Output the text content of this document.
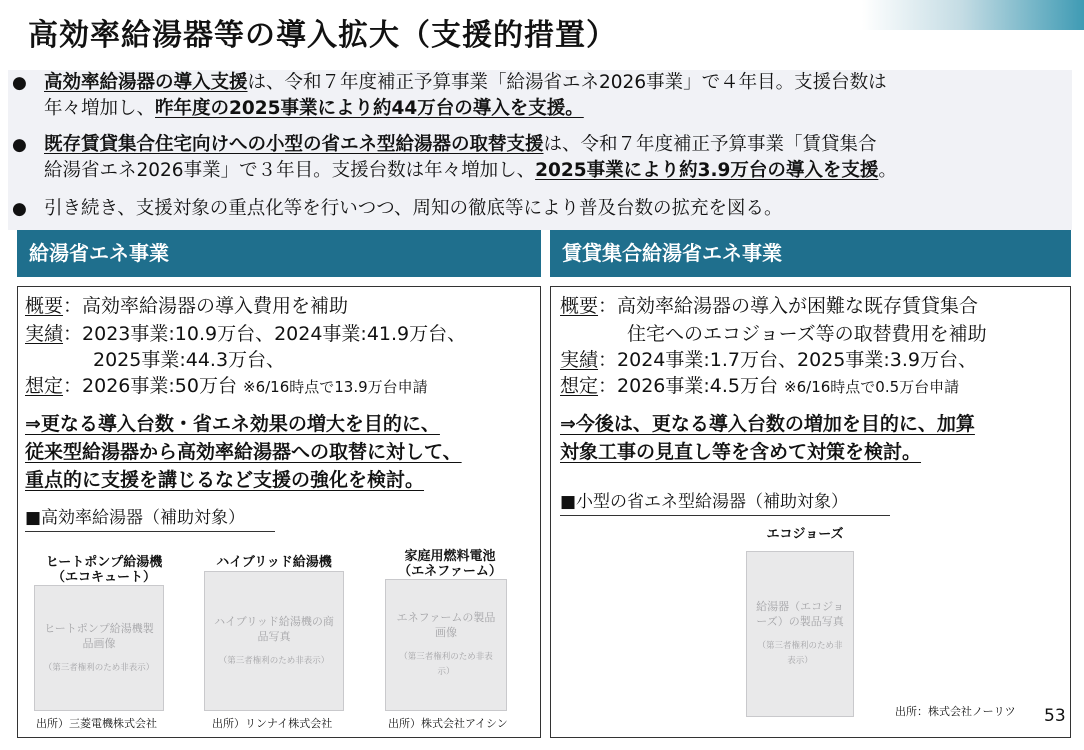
高効率給湯器等の導入拡大（支援的措置）
● 高効率給湯器の導入支援は、令和７年度補正予算事業「給湯省エネ2026事業」で４年目。支援台数は
年々増加し、昨年度の2025事業により約44万台の導入を支援。
● 既存賃貸集合住宅向けへの小型の省エネ型給湯器の取替支援は、令和７年度補正予算事業「賃貸集合
給湯省エネ2026事業」で３年目。支援台数は年々増加し、2025事業により約3.9万台の導入を支援。
● 引き続き、支援対象の重点化等を行いつつ、周知の徹底等により普及台数の拡充を図る。
給湯省エネ事業
概要：高効率給湯器の導入費用を補助
実績：2023事業:10.9万台、2024事業:41.9万台、
2025事業:44.3万台、
想定：2026事業:50万台 ※6/16時点で13.9万台申請
⇒更なる導入台数・省エネ効果の増大を目的に、
従来型給湯器から高効率給湯器への取替に対して、
重点的に支援を講じるなど支援の強化を検討。
■高効率給湯器（補助対象）
ヒートポンプ給湯機
（エコキュート）
ヒートポンプ給湯機製品画像
（第三者権利のため非表示）
出所）三菱電機株式会社
ハイブリッド給湯機
ハイブリッド給湯機の商品写真
（第三者権利のため非表示）
出所）リンナイ株式会社
家庭用燃料電池
（エネファーム）
エネファームの製品画像
（第三者権利のため非表示）
出所）株式会社アイシン
賃貸集合給湯省エネ事業
概要：高効率給湯器の導入が困難な既存賃貸集合
住宅へのエコジョーズ等の取替費用を補助
実績：2024事業:1.7万台、2025事業:3.9万台、
想定：2026事業:4.5万台 ※6/16時点で0.5万台申請
⇒今後は、更なる導入台数の増加を目的に、加算
対象工事の見直し等を含めて対策を検討。
■小型の省エネ型給湯器（補助対象）
エコジョーズ
給湯器（エコジョーズ）の製品写真
（第三者権利のため非表示）
出所：株式会社ノーリツ 53
